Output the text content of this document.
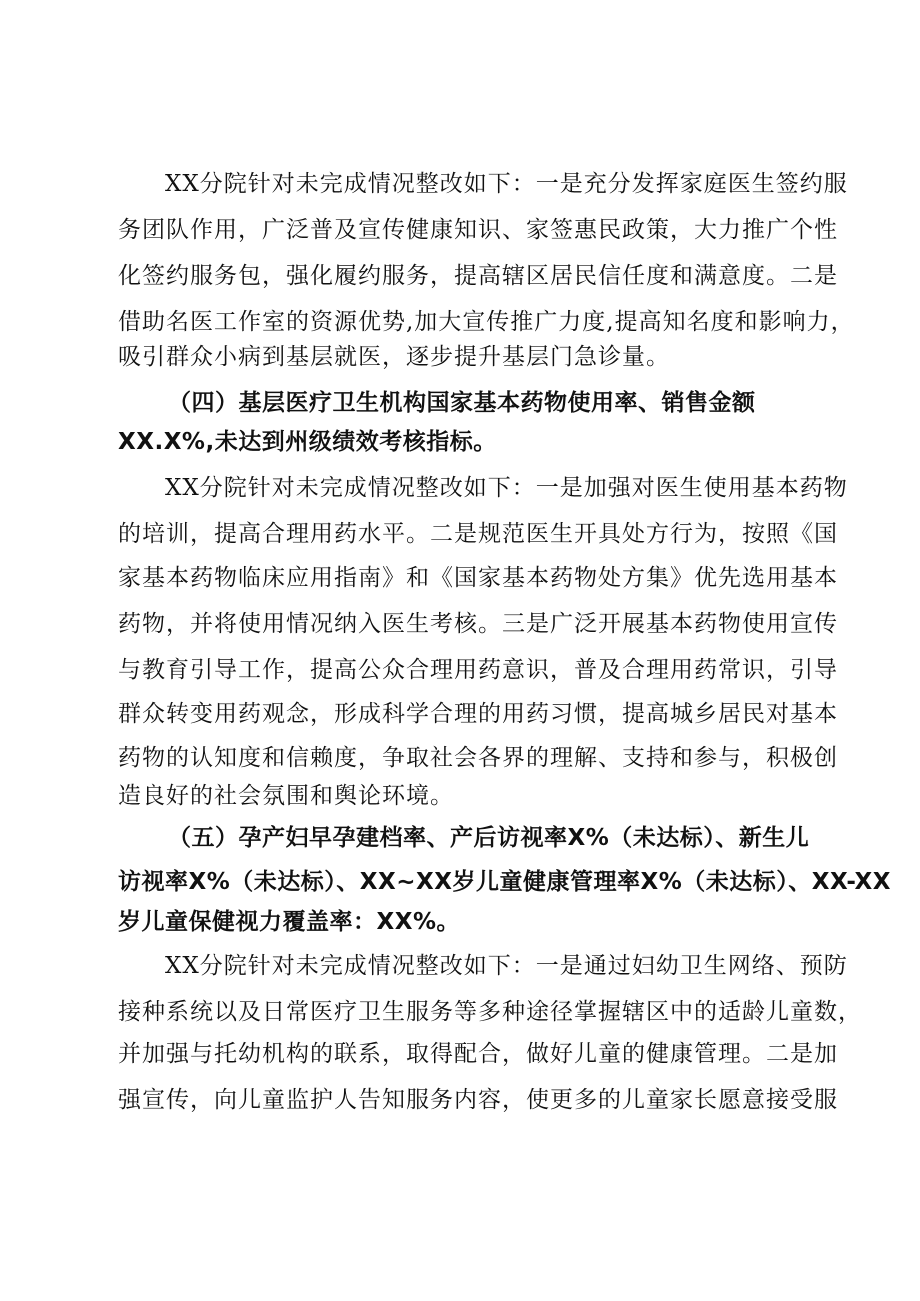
XX分院针对未完成情况整改如下：一是充分发挥家庭医生签约服
务团队作用，广泛普及宣传健康知识、家签惠民政策，大力推广个性
化签约服务包，强化履约服务，提高辖区居民信任度和满意度。二是
借助名医工作室的资源优势,加大宣传推广力度,提高知名度和影响力，
吸引群众小病到基层就医，逐步提升基层门急诊量。
（四）基层医疗卫生机构国家基本药物使用率、销售金额
XX.X%,未达到州级绩效考核指标。
XX分院针对未完成情况整改如下：一是加强对医生使用基本药物
的培训，提高合理用药水平。二是规范医生开具处方行为，按照《国
家基本药物临床应用指南》和《国家基本药物处方集》优先选用基本
药物，并将使用情况纳入医生考核。三是广泛开展基本药物使用宣传
与教育引导工作，提高公众合理用药意识，普及合理用药常识，引导
群众转变用药观念，形成科学合理的用药习惯，提高城乡居民对基本
药物的认知度和信赖度，争取社会各界的理解、支持和参与，积极创
造良好的社会氛围和舆论环境。
（五）孕产妇早孕建档率、产后访视率X%（未达标）、新生儿
访视率X%（未达标）、XX~XX岁儿童健康管理率X%（未达标）、XX-XX
岁儿童保健视力覆盖率：XX%。
XX分院针对未完成情况整改如下：一是通过妇幼卫生网络、预防
接种系统以及日常医疗卫生服务等多种途径掌握辖区中的适龄儿童数，
并加强与托幼机构的联系，取得配合，做好儿童的健康管理。二是加
强宣传，向儿童监护人告知服务内容，使更多的儿童家长愿意接受服
